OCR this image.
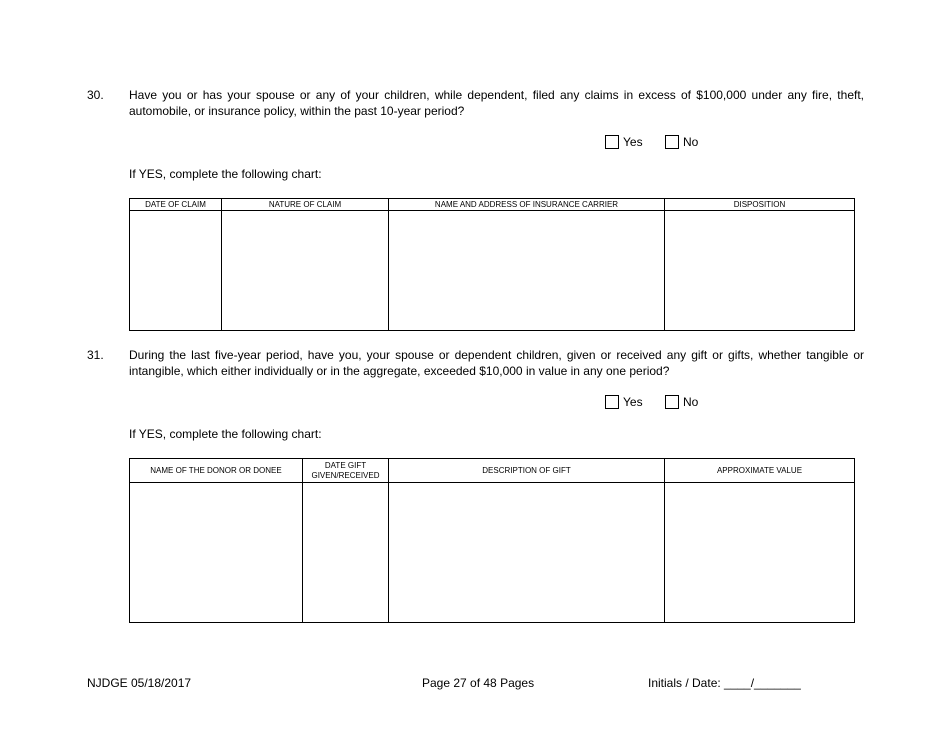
30. Have you or has your spouse or any of your children, while dependent, filed any claims in excess of $100,000 under any fire, theft, automobile, or insurance policy, within the past 10-year period?
Yes	No
If YES, complete the following chart:
DATE OF CLAIM	NATURE OF CLAIM	NAME AND ADDRESS OF INSURANCE CARRIER	DISPOSITION

31. During the last five-year period, have you, your spouse or dependent children, given or received any gift or gifts, whether tangible or intangible, which either individually or in the aggregate, exceeded $10,000 in value in any one period?
Yes	No
If YES, complete the following chart:
NAME OF THE DONOR OR DONEE	DATE GIFT GIVEN/RECEIVED	DESCRIPTION OF GIFT	APPROXIMATE VALUE

NJDGE 05/18/2017	Page 27 of 48 Pages	Initials / Date: ____/_______
